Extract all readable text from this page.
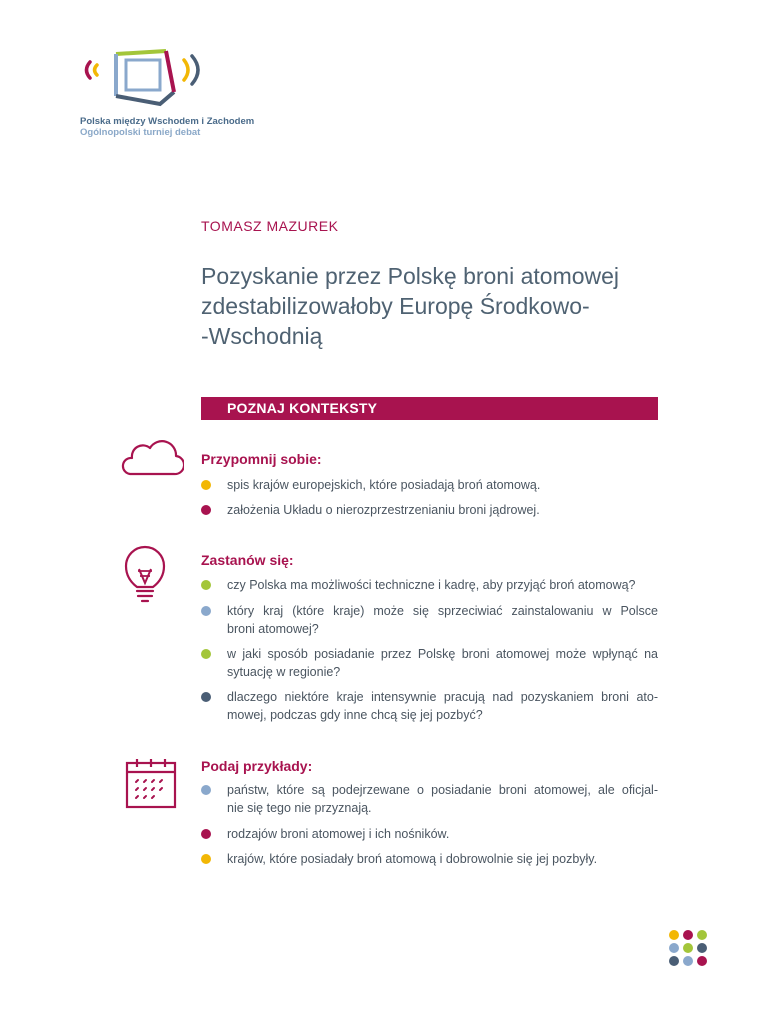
Polska między Wschodem i Zachodem
Ogólnopolski turniej debat
TOMASZ MAZUREK
Pozyskanie przez Polskę broni atomowej
zdestabilizowałoby Europę Środkowo-
-Wschodnią
POZNAJ KONTEKSTY
Przypomnij sobie:
spis krajów europejskich, które posiadają broń atomową.
założenia Układu o nierozprzestrzenianiu broni jądrowej.
Zastanów się:
czy Polska ma możliwości techniczne i kadrę, aby przyjąć broń atomową?
który kraj (które kraje) może się sprzeciwiać zainstalowaniu w Polsce
broni atomowej?
w jaki sposób posiadanie przez Polskę broni atomowej może wpłynąć na
sytuację w regionie?
dlaczego niektóre kraje intensywnie pracują nad pozyskaniem broni ato-
mowej, podczas gdy inne chcą się jej pozbyć?
Podaj przykłady:
państw, które są podejrzewane o posiadanie broni atomowej, ale oficjal-
nie się tego nie przyznają.
rodzajów broni atomowej i ich nośników.
krajów, które posiadały broń atomową i dobrowolnie się jej pozbyły.
